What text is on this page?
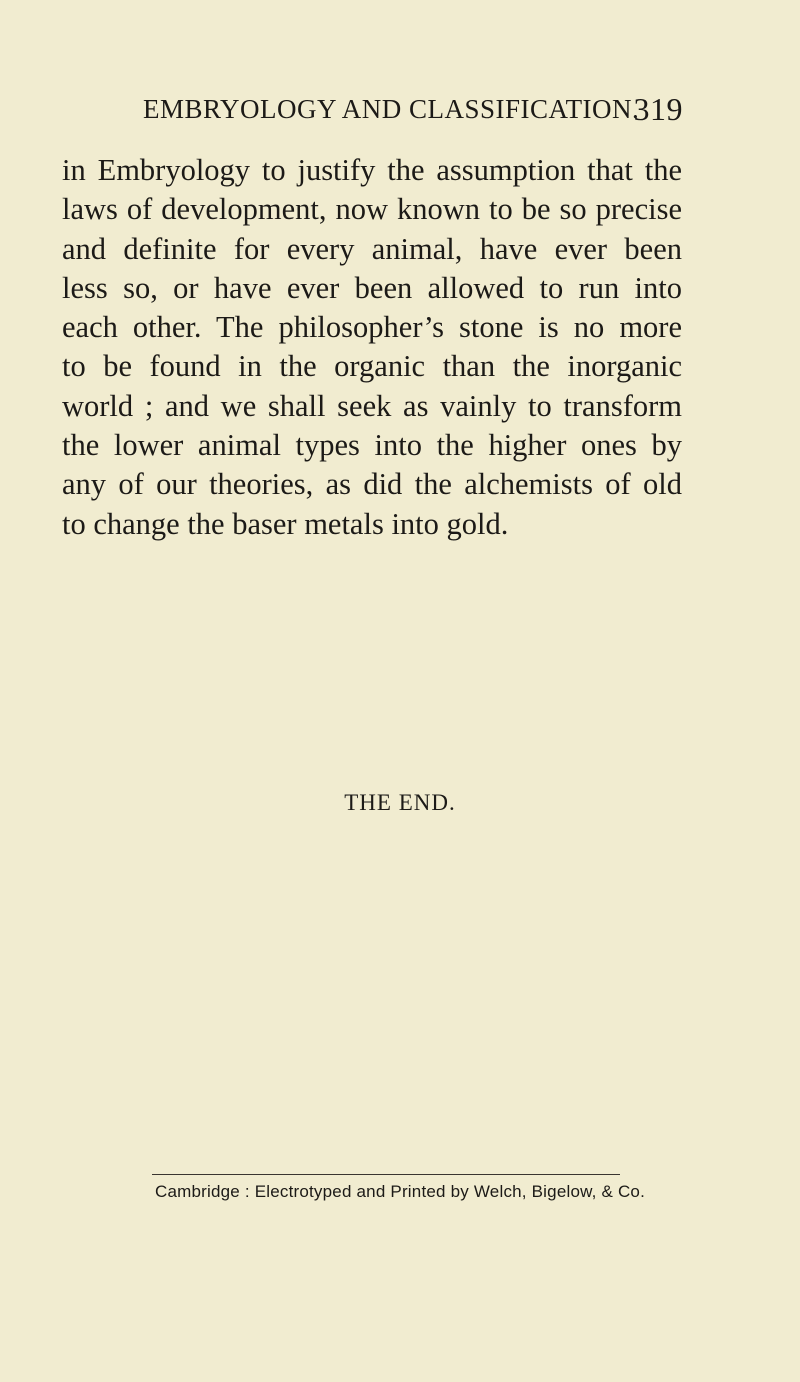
EMBRYOLOGY AND CLASSIFICATION.
319

in Embryology to justify the assumption that the
laws of development, now known to be so precise
and definite for every animal, have ever been
less so, or have ever been allowed to run into
each other. The philosopher’s stone is no more
to be found in the organic than the inorganic
world ; and we shall seek as vainly to transform
the lower animal types into the higher ones by
any of our theories, as did the alchemists of old
to change the baser metals into gold.

THE END.
Cambridge : Electrotyped and Printed by Welch, Bigelow, & Co.
